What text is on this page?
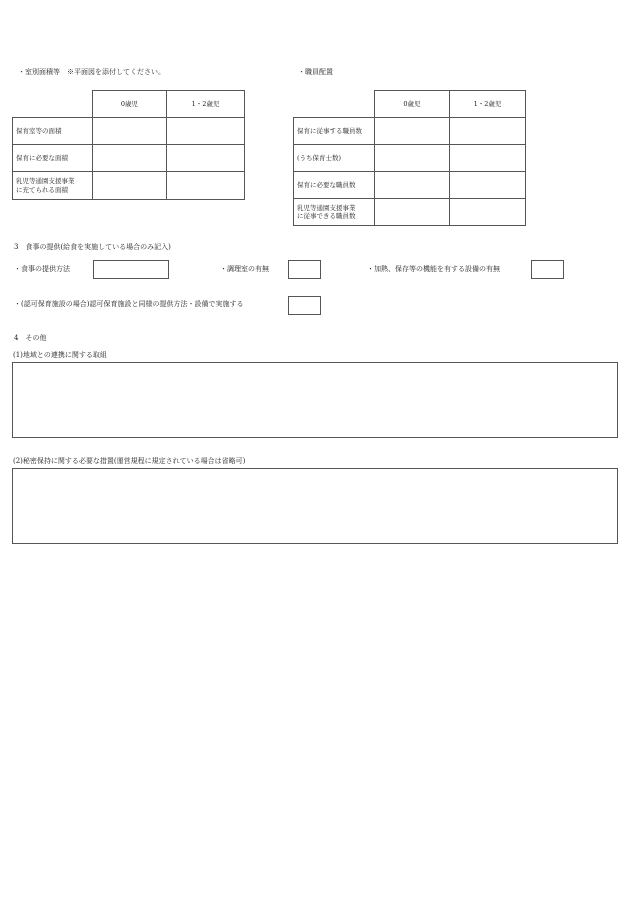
・室別面積等　※平面図を添付してください。
	0歳児	1・2歳児
保育室等の面積		
保育に必要な面積		
乳児等通園支援事業
に充てられる面積		
・職員配置
	0歳児	1・2歳児
保育に従事する職員数		
(うち保育士数)		
保育に必要な職員数		
乳児等通園支援事業
に従事できる職員数		
3　食事の提供(給食を実施している場合のみ記入)
・食事の提供方法	・調理室の有無	・加熱、保存等の機能を有する設備の有無
・(認可保育施設の場合)認可保育施設と同様の提供方法・設備で実施する
4　その他
(1)地域との連携に関する取組
(2)秘密保持に関する必要な措置(運営規程に規定されている場合は省略可)
